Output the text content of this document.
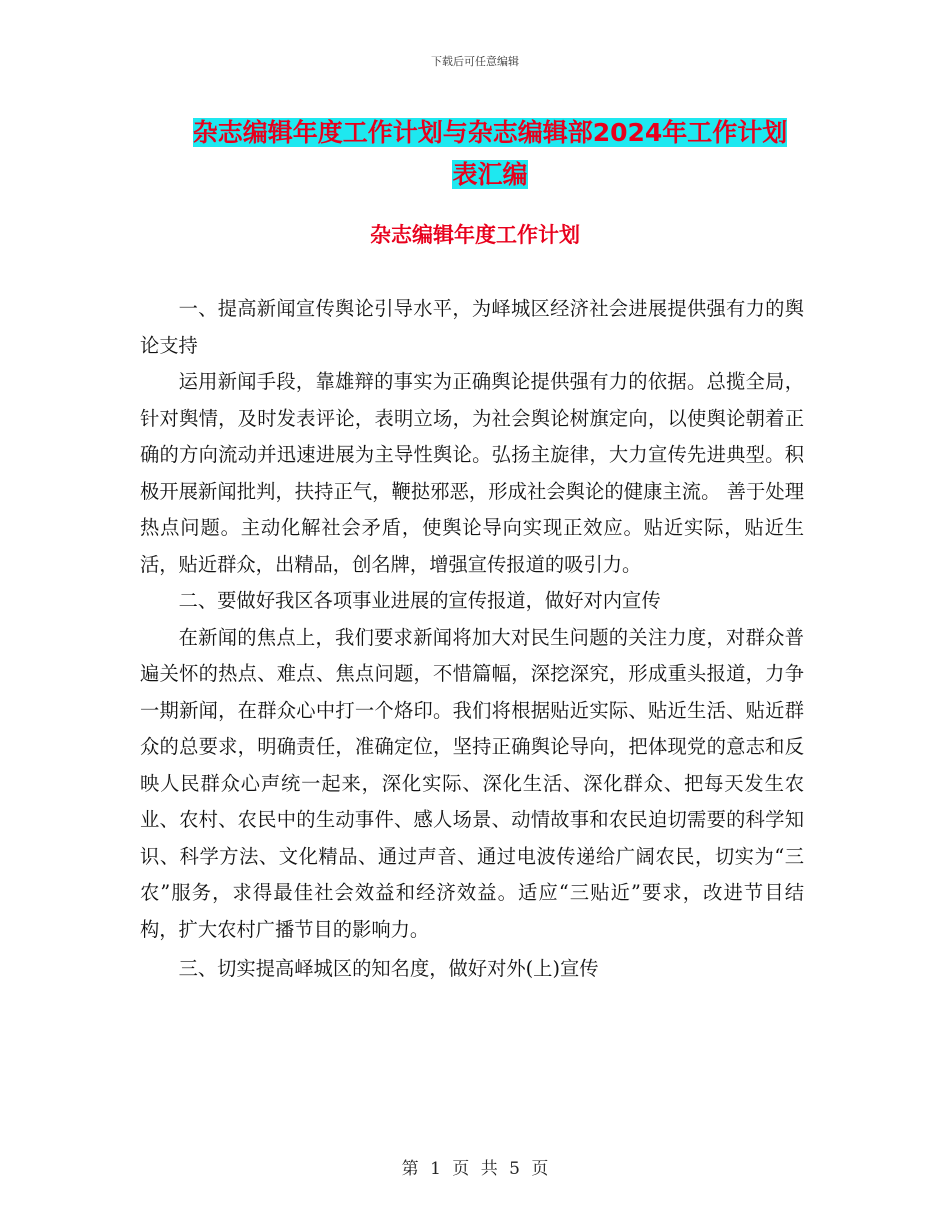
下载后可任意编辑
杂志编辑年度工作计划与杂志编辑部2024年工作计划
表汇编
杂志编辑年度工作计划

一、提高新闻宣传舆论引导水平，为峄城区经济社会进展提供强有力的舆论支持

运用新闻手段，靠雄辩的事实为正确舆论提供强有力的依据。总揽全局，针对舆情，及时发表评论，表明立场，为社会舆论树旗定向，以使舆论朝着正确的方向流动并迅速进展为主导性舆论。弘扬主旋律，大力宣传先进典型。积极开展新闻批判，扶持正气，鞭挞邪恶，形成社会舆论的健康主流。 善于处理热点问题。主动化解社会矛盾，使舆论导向实现正效应。贴近实际，贴近生活，贴近群众，出精品，创名牌，增强宣传报道的吸引力。

二、要做好我区各项事业进展的宣传报道，做好对内宣传

在新闻的焦点上，我们要求新闻将加大对民生问题的关注力度，对群众普遍关怀的热点、难点、焦点问题，不惜篇幅，深挖深究，形成重头报道，力争一期新闻，在群众心中打一个烙印。我们将根据贴近实际、贴近生活、贴近群众的总要求，明确责任，准确定位，坚持正确舆论导向，把体现党的意志和反映人民群众心声统一起来，深化实际、深化生活、深化群众、把每天发生农业、农村、农民中的生动事件、感人场景、动情故事和农民迫切需要的科学知识、科学方法、文化精品、通过声音、通过电波传递给广阔农民，切实为“三农”服务，求得最佳社会效益和经济效益。适应“三贴近”要求，改进节目结构，扩大农村广播节目的影响力。

三、切实提高峄城区的知名度，做好对外(上)宣传

第 1 页 共 5 页
